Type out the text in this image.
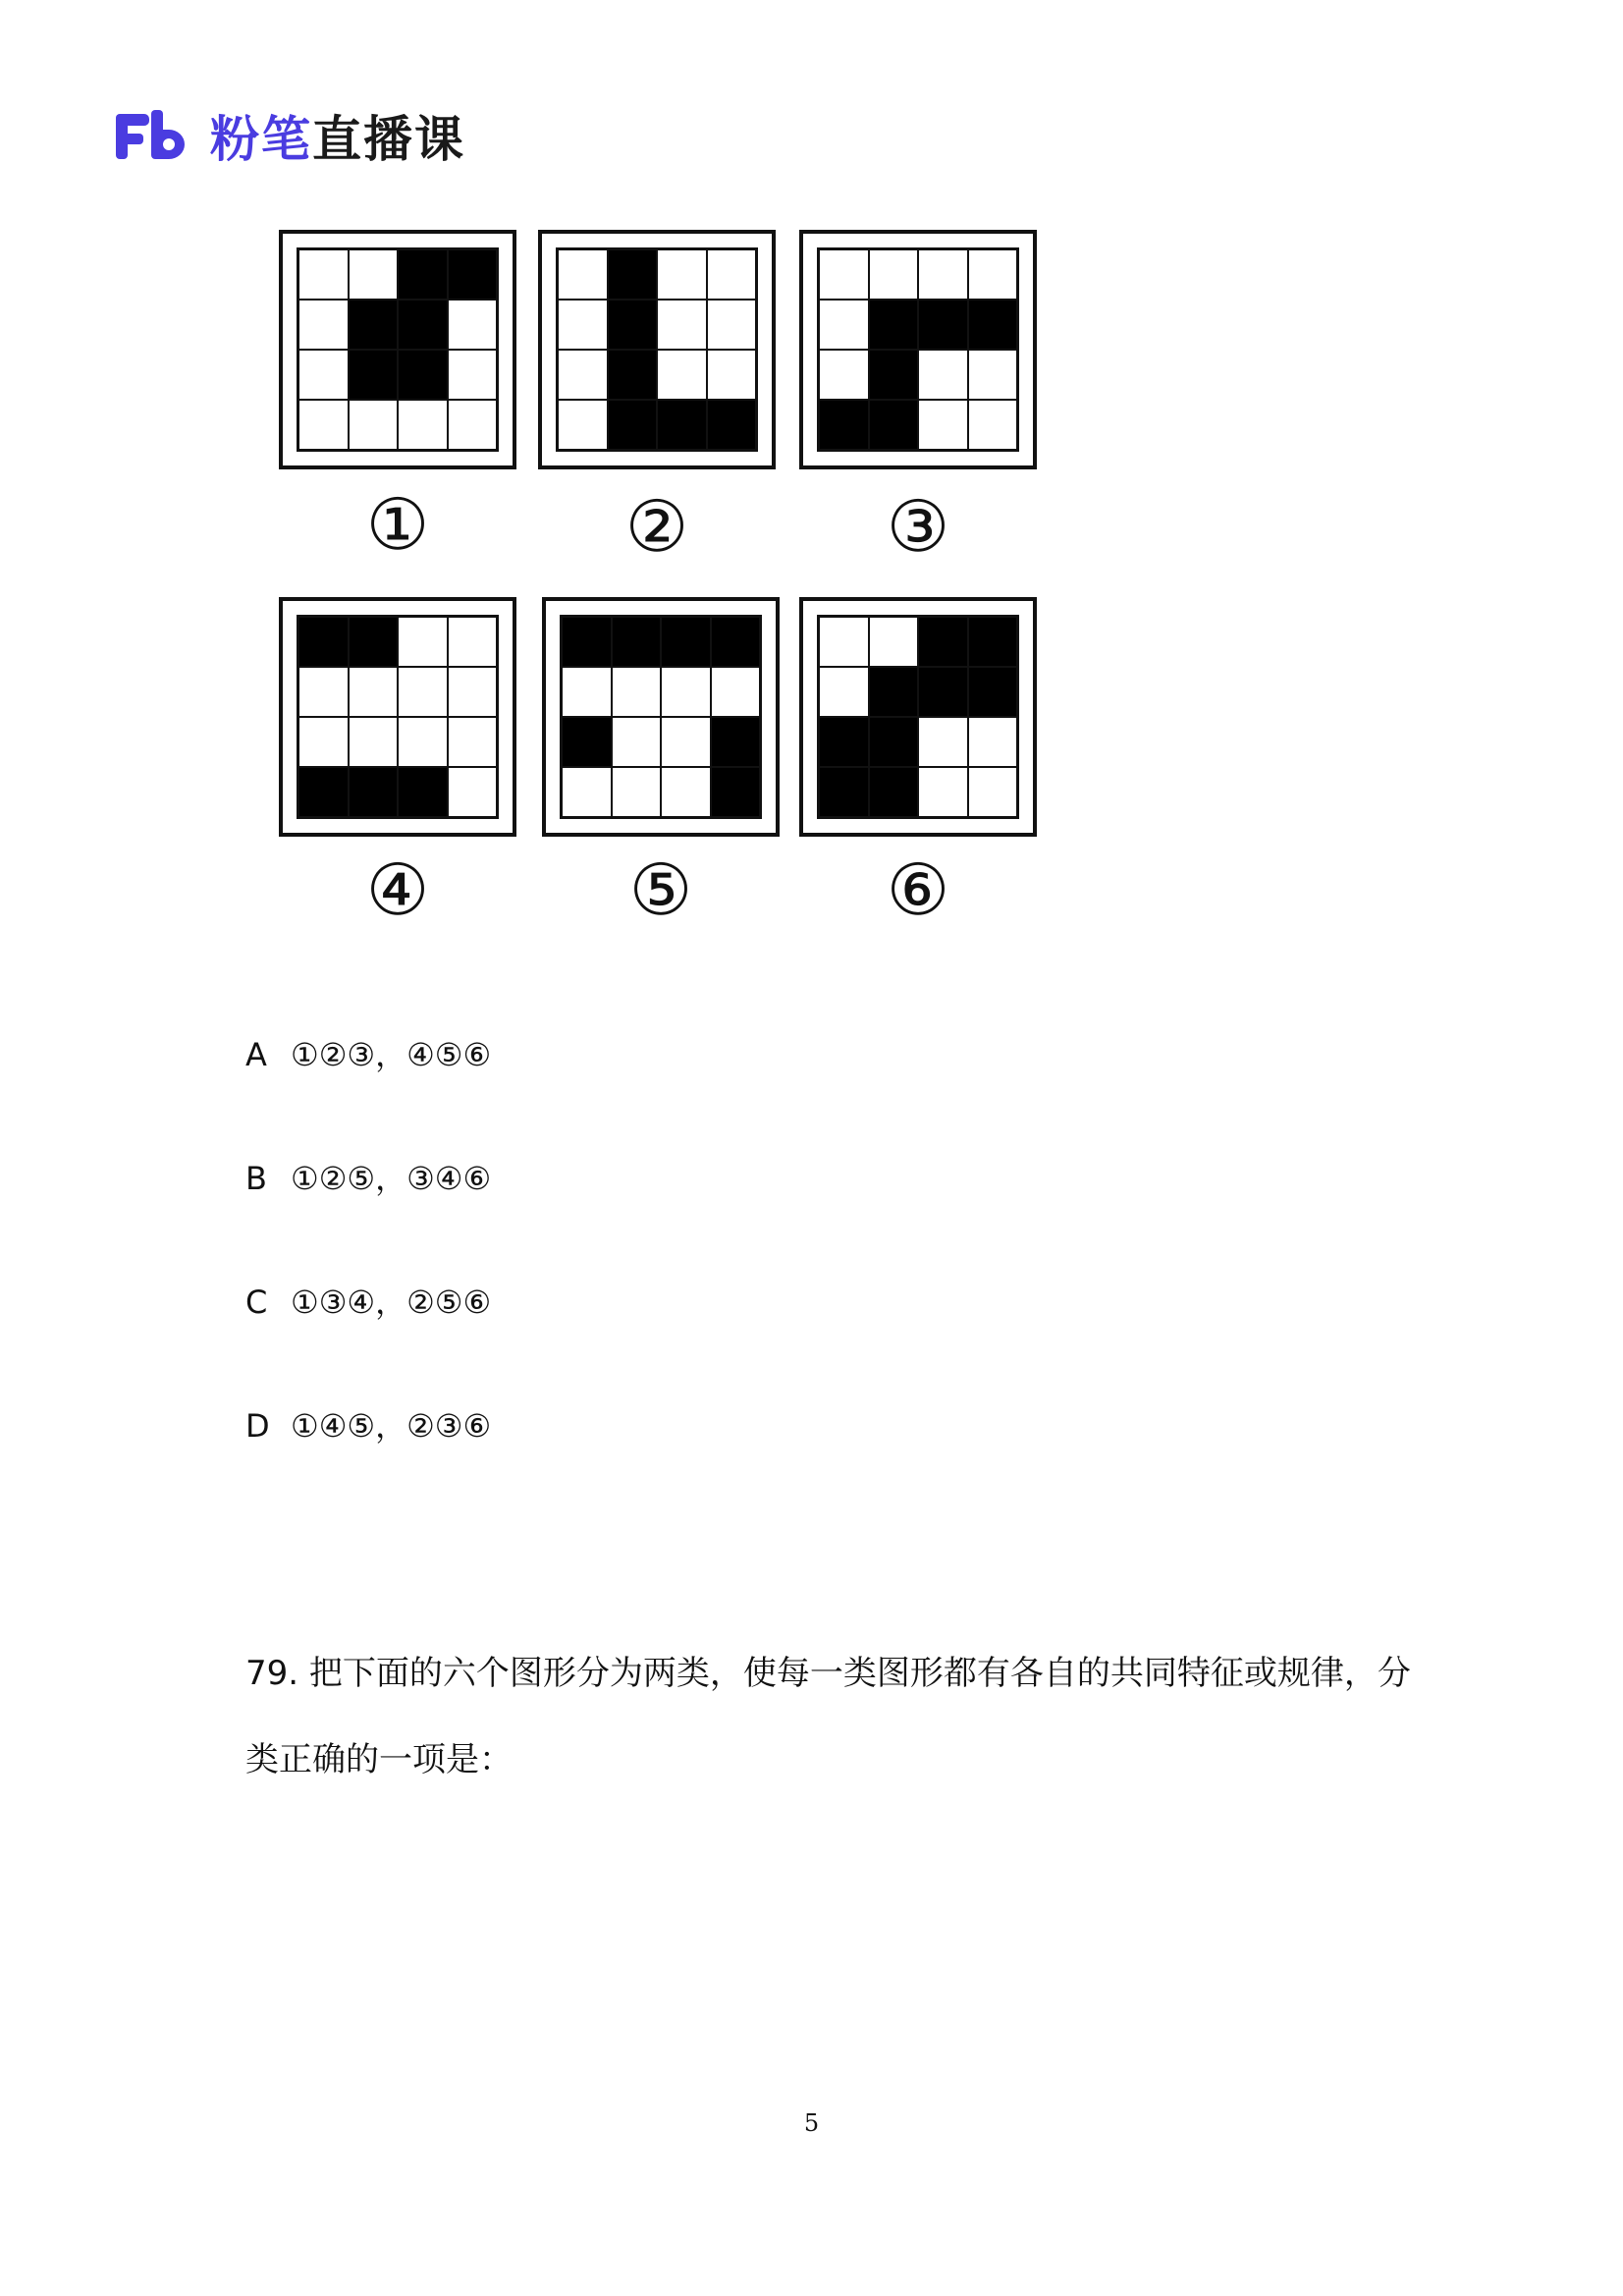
粉笔 直播课
①	②	③
④	⑤	⑥
A ①②③，④⑤⑥
B ①②⑤，③④⑥
C ①③④，②⑤⑥
D ①④⑤，②③⑥
79. 把下面的六个图形分为两类，使每一类图形都有各自的共同特征或规律，分
类正确的一项是：
5
